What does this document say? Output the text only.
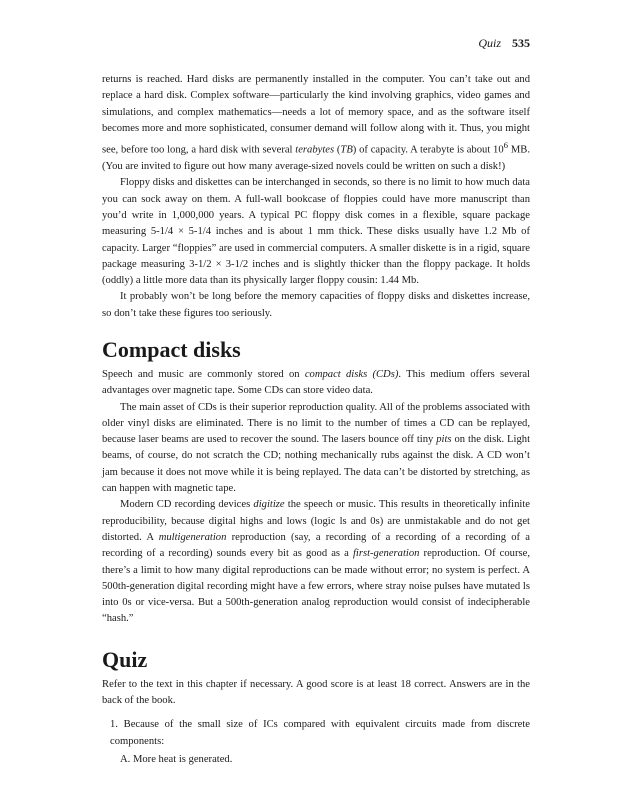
Quiz 535

returns is reached. Hard disks are permanently installed in the computer. You can’t take out and replace a hard disk. Complex software—particularly the kind involving graphics, video games and simulations, and complex mathematics—needs a lot of memory space, and as the software itself becomes more and more sophisticated, consumer demand will follow along with it. Thus, you might see, before too long, a hard disk with several terabytes (TB) of capacity. A terabyte is about $10^6$ MB. (You are invited to figure out how many average-sized novels could be written on such a disk!)

Floppy disks and diskettes can be interchanged in seconds, so there is no limit to how much data you can sock away on them. A full-wall bookcase of floppies could have more manuscript than you’d write in 1,000,000 years. A typical PC floppy disk comes in a flexible, square package measuring 5-1/4 × 5-1/4 inches and is about 1 mm thick. These disks usually have 1.2 Mb of capacity. Larger “floppies” are used in commercial computers. A smaller diskette is in a rigid, square package measuring 3-1/2 × 3-1/2 inches and is slightly thicker than the floppy package. It holds (oddly) a little more data than its physically larger floppy cousin: 1.44 Mb.

It probably won’t be long before the memory capacities of floppy disks and diskettes increase, so don’t take these figures too seriously.

Compact disks

Speech and music are commonly stored on compact disks (CDs). This medium offers several advantages over magnetic tape. Some CDs can store video data.

The main asset of CDs is their superior reproduction quality. All of the problems associated with older vinyl disks are eliminated. There is no limit to the number of times a CD can be replayed, because laser beams are used to recover the sound. The lasers bounce off tiny pits on the disk. Light beams, of course, do not scratch the CD; nothing mechanically rubs against the disk. A CD won’t jam because it does not move while it is being replayed. The data can’t be distorted by stretching, as can happen with magnetic tape.

Modern CD recording devices digitize the speech or music. This results in theoretically infinite reproducibility, because digital highs and lows (logic ls and 0s) are unmistakable and do not get distorted. A multigeneration reproduction (say, a recording of a recording of a recording of a recording of a recording) sounds every bit as good as a first-generation reproduction. Of course, there’s a limit to how many digital reproductions can be made without error; no system is perfect. A 500th-generation digital recording might have a few errors, where stray noise pulses have mutated ls into 0s or vice-versa. But a 500th-generation analog reproduction would consist of indecipherable “hash.”

Quiz

Refer to the text in this chapter if necessary. A good score is at least 18 correct. Answers are in the back of the book.

1. Because of the small size of ICs compared with equivalent circuits made from discrete components:

A. More heat is generated.
